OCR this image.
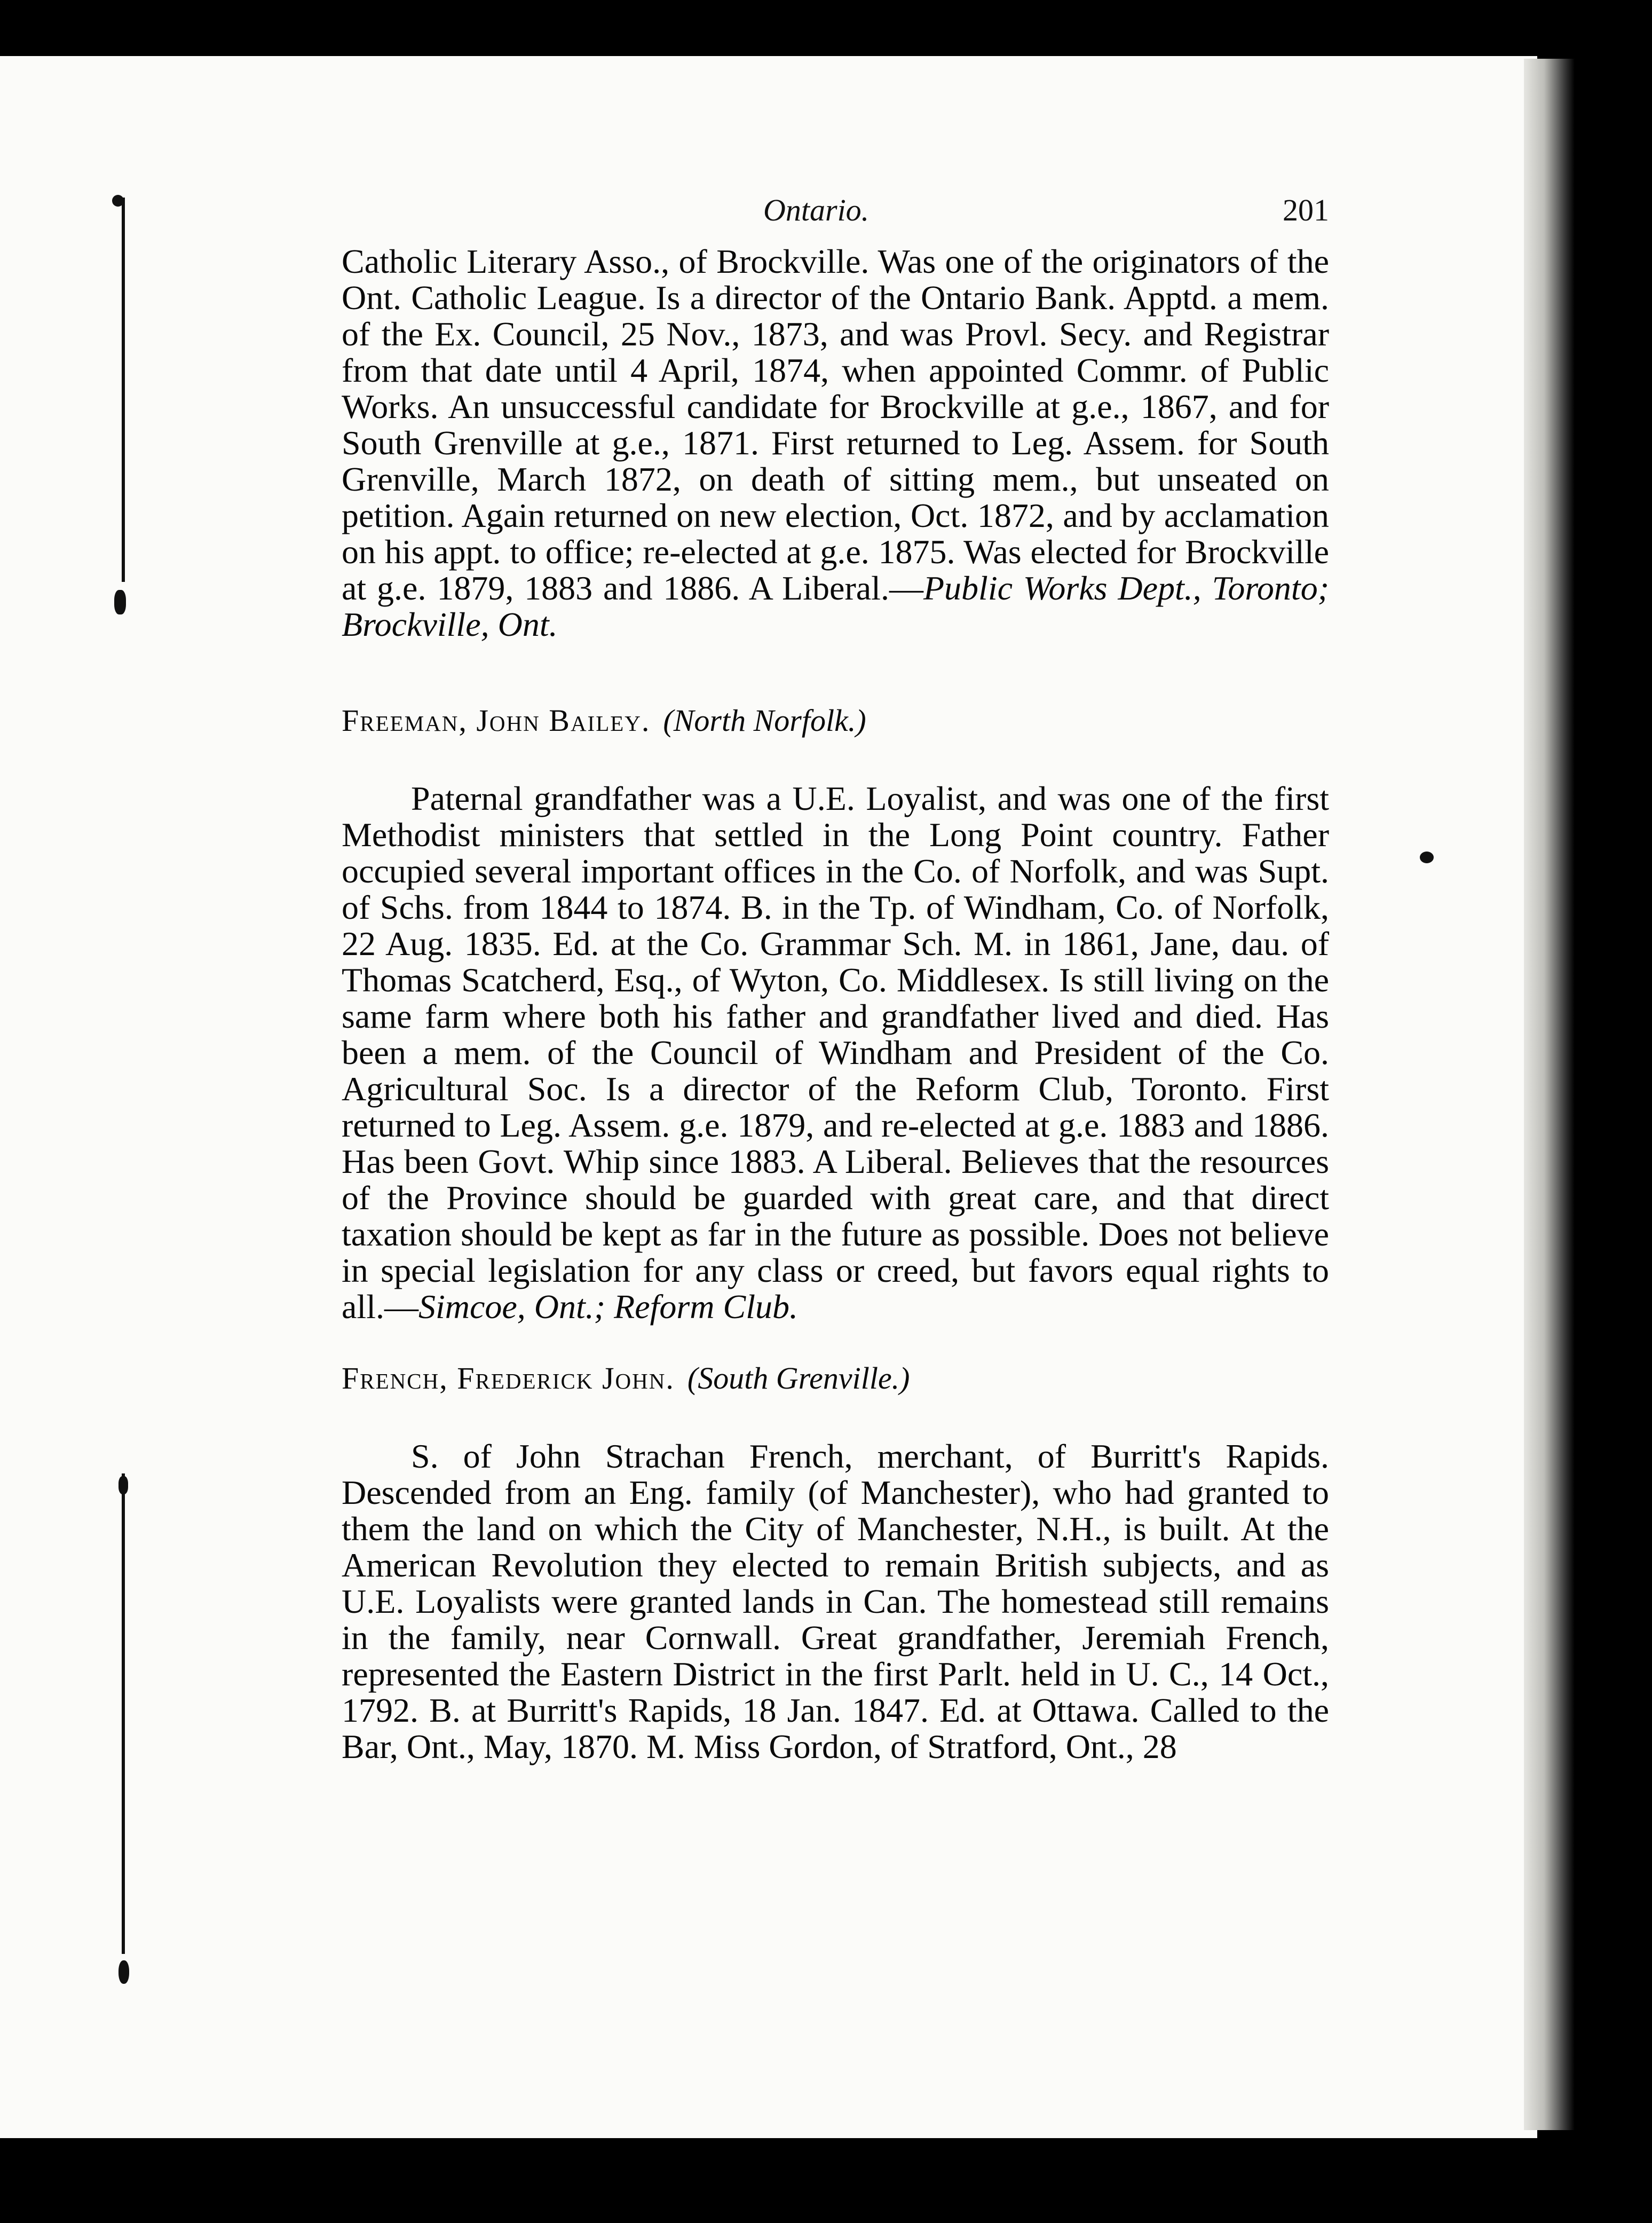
Ontario.	201

Catholic Literary Asso., of Brockville. Was one of the originators of the Ont. Catholic League. Is a director of the Ontario Bank. Apptd. a mem. of the Ex. Council, 25 Nov., 1873, and was Provl. Secy. and Registrar from that date until 4 April, 1874, when appointed Commr. of Public Works. An unsuccessful candidate for Brockville at g.e., 1867, and for South Grenville at g.e., 1871. First returned to Leg. Assem. for South Grenville, March 1872, on death of sitting mem., but unseated on petition. Again returned on new election, Oct. 1872, and by acclamation on his appt. to office; re-elected at g.e. 1875. Was elected for Brockville at g.e. 1879, 1883 and 1886. A Liberal.—Public Works Dept., Toronto; Brockville, Ont.

Freeman, John Bailey. (North Norfolk.)

Paternal grandfather was a U.E. Loyalist, and was one of the first Methodist ministers that settled in the Long Point country. Father occupied several important offices in the Co. of Norfolk, and was Supt. of Schs. from 1844 to 1874. B. in the Tp. of Windham, Co. of Norfolk, 22 Aug. 1835. Ed. at the Co. Grammar Sch. M. in 1861, Jane, dau. of Thomas Scatcherd, Esq., of Wyton, Co. Middlesex. Is still living on the same farm where both his father and grandfather lived and died. Has been a mem. of the Council of Windham and President of the Co. Agricultural Soc. Is a director of the Reform Club, Toronto. First returned to Leg. Assem. g.e. 1879, and re-elected at g.e. 1883 and 1886. Has been Govt. Whip since 1883. A Liberal. Believes that the resources of the Province should be guarded with great care, and that direct taxation should be kept as far in the future as possible. Does not believe in special legislation for any class or creed, but favors equal rights to all.—Simcoe, Ont.; Reform Club.

French, Frederick John. (South Grenville.)

S. of John Strachan French, merchant, of Burritt's Rapids. Descended from an Eng. family (of Manchester), who had granted to them the land on which the City of Manchester, N.H., is built. At the American Revolution they elected to remain British subjects, and as U.E. Loyalists were granted lands in Can. The homestead still remains in the family, near Cornwall. Great grandfather, Jeremiah French, represented the Eastern District in the first Parlt. held in U. C., 14 Oct., 1792. B. at Burritt's Rapids, 18 Jan. 1847. Ed. at Ottawa. Called to the Bar, Ont., May, 1870. M. Miss Gordon, of Stratford, Ont., 28
